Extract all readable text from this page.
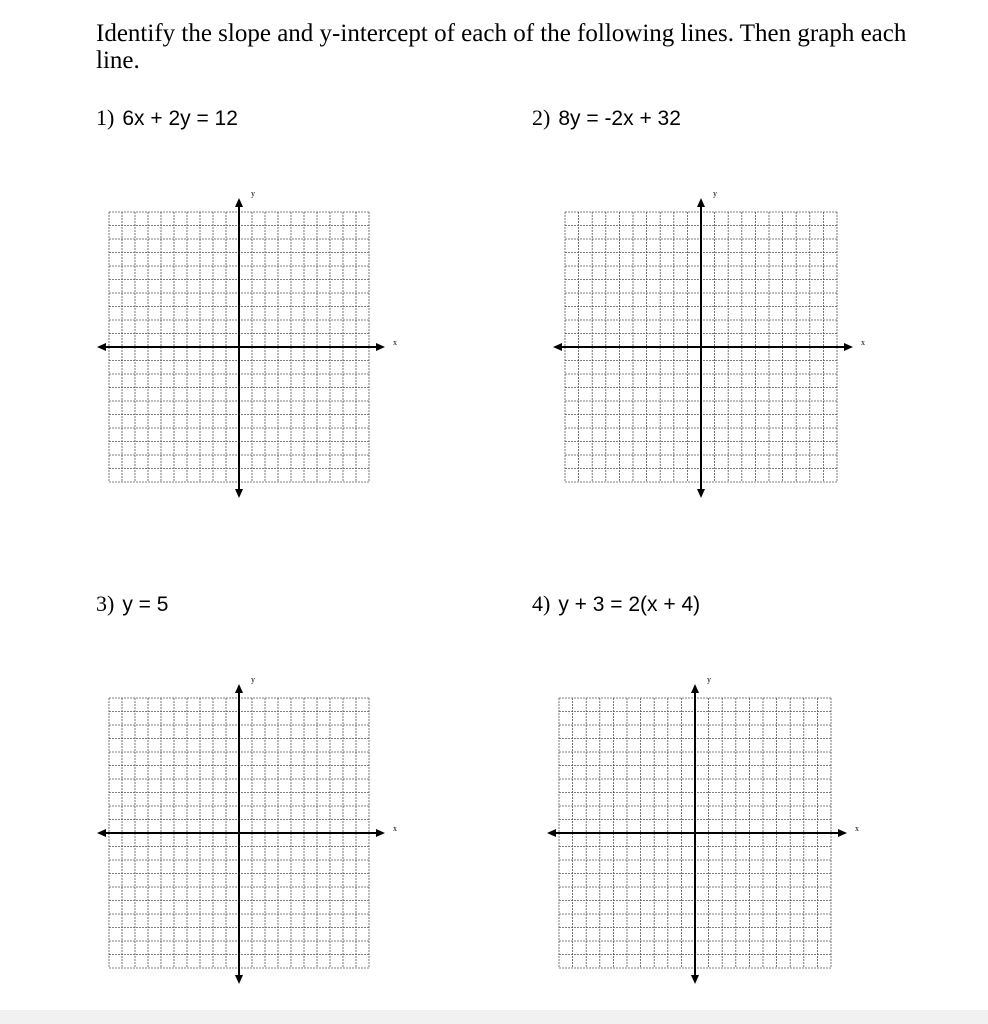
Identify the slope and y-intercept of each of the following lines. Then graph each line.

1) 6x + 2y = 12	2) 8y = -2x + 32
3) y = 5	4) y + 3 = 2(x + 4)
x
y
x
y
x
y
x
y
